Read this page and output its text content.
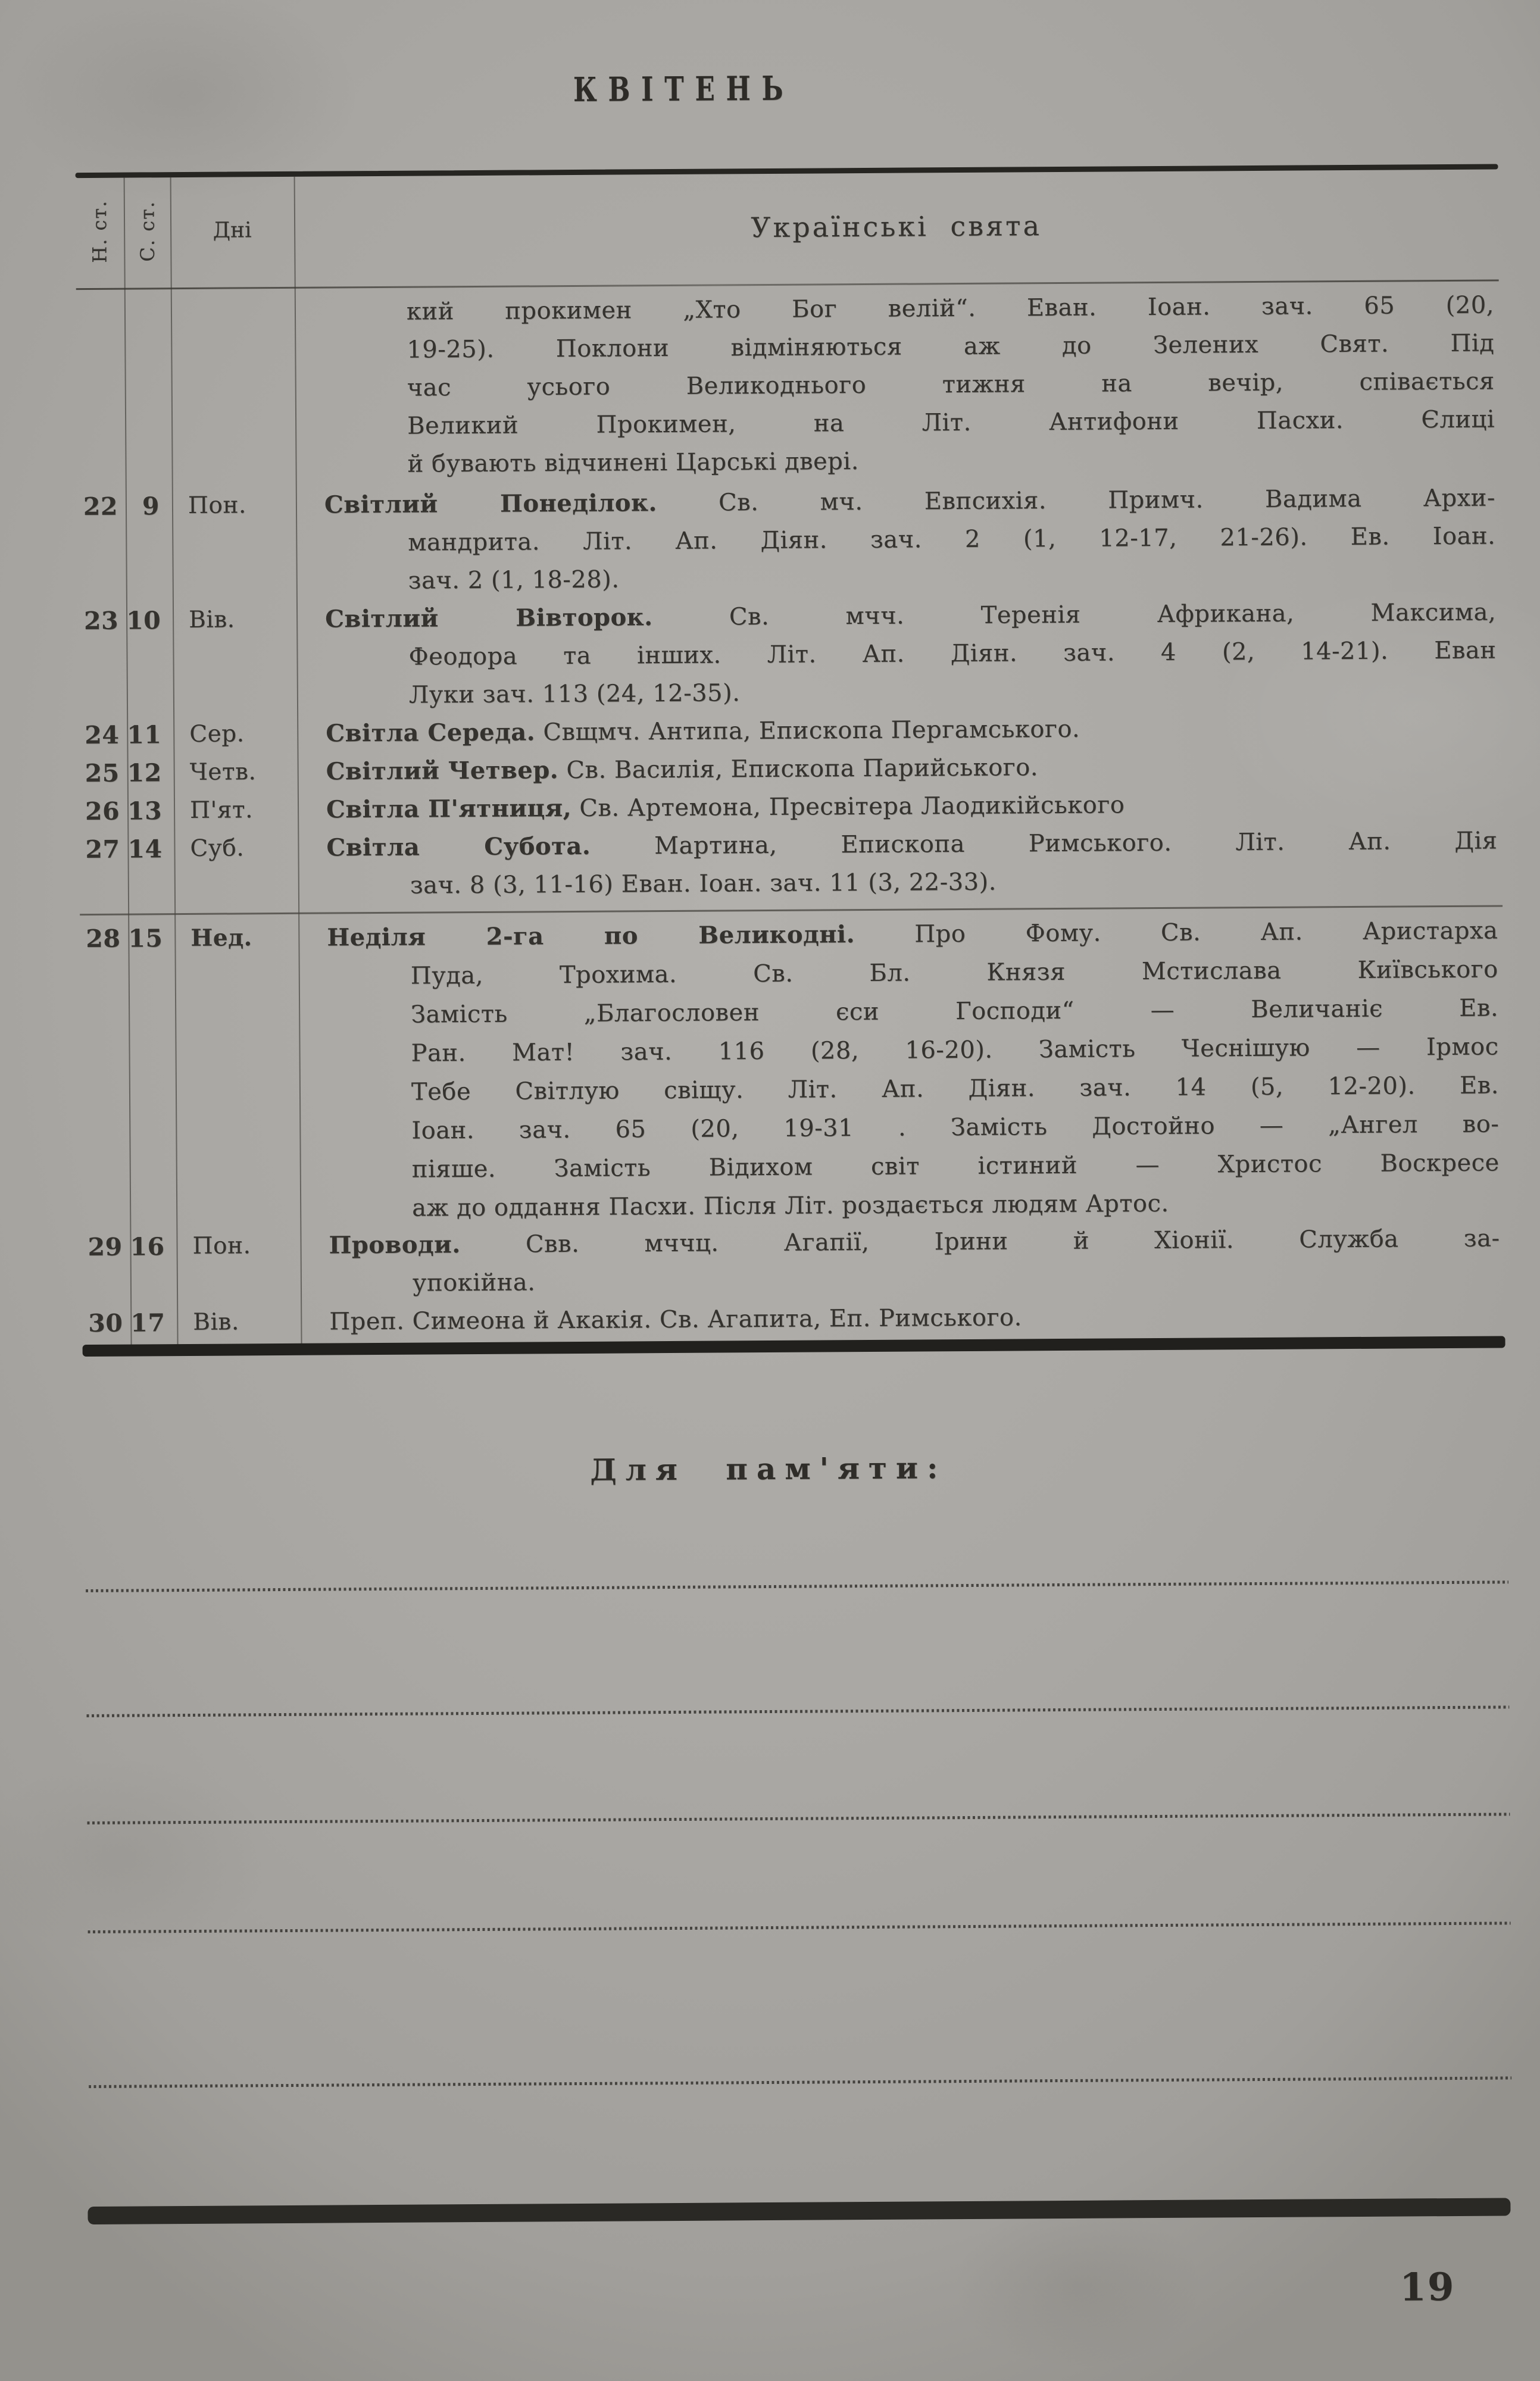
КВІТЕНЬ
Н. ст. С. ст.	Дні	Українські свята
кий прокимен „Хто Бог велій“. Еван. Іоан. зач. 65 (20,
19-25). Поклони відміняються аж до Зелених Свят. Під
час усього Великоднього тижня на вечір, співається
Великий Прокимен, на Літ. Антифони Пасхи. Єлиці
й бувають відчинені Царські двері.
22 9	Пон.	Світлий Понеділок. Св. мч. Евпсихія. Примч. Вадима Архи-
мандрита. Літ. Ап. Діян. зач. 2 (1, 12-17, 21-26). Ев. Іоан.
зач. 2 (1, 18-28).
23 10	Вів.	Світлий Вівторок. Св. мчч. Теренія Африкана, Максима,
Феодора та інших. Літ. Ап. Діян. зач. 4 (2, 14-21). Еван
Луки зач. 113 (24, 12-35).
24 11	Сер.	Світла Середа. Свщмч. Антипа, Епископа Пергамського.
25 12	Четв.	Світлий Четвер. Св. Василія, Епископа Парийського.
26 13	П'ят.	Світла П'ятниця, Св. Артемона, Пресвітера Лаодикійського
27 14	Суб.	Світла Субота. Мартина, Епископа Римського. Літ. Ап. Дія
зач. 8 (3, 11-16) Еван. Іоан. зач. 11 (3, 22-33).
28 15	Нед.	Неділя 2-га по Великодні. Про Фому. Св. Ап. Аристарха
Пуда, Трохима. Св. Бл. Князя Мстислава Київського
Замість „Благословен єси Господи“ — Величаніє Ев.
Ран. Мат! зач. 116 (28, 16-20). Замість Чеснішую — Ірмос
Тебе Світлую свіщу. Літ. Ап. Діян. зач. 14 (5, 12-20). Ев.
Іоан. зач. 65 (20, 19-31 . Замість Достойно — „Ангел во-
піяше. Замість Відихом світ істиний — Христос Воскресе
аж до оддання Пасхи. Після Літ. роздається людям Артос.
29 16	Пон.	Проводи. Свв. мччц. Агапії, Ірини й Хіонії. Служба за-
упокійна.
30 17	Вів.	Преп. Симеона й Акакія. Св. Агапита, Еп. Римського.
Для пам'яти:
19
